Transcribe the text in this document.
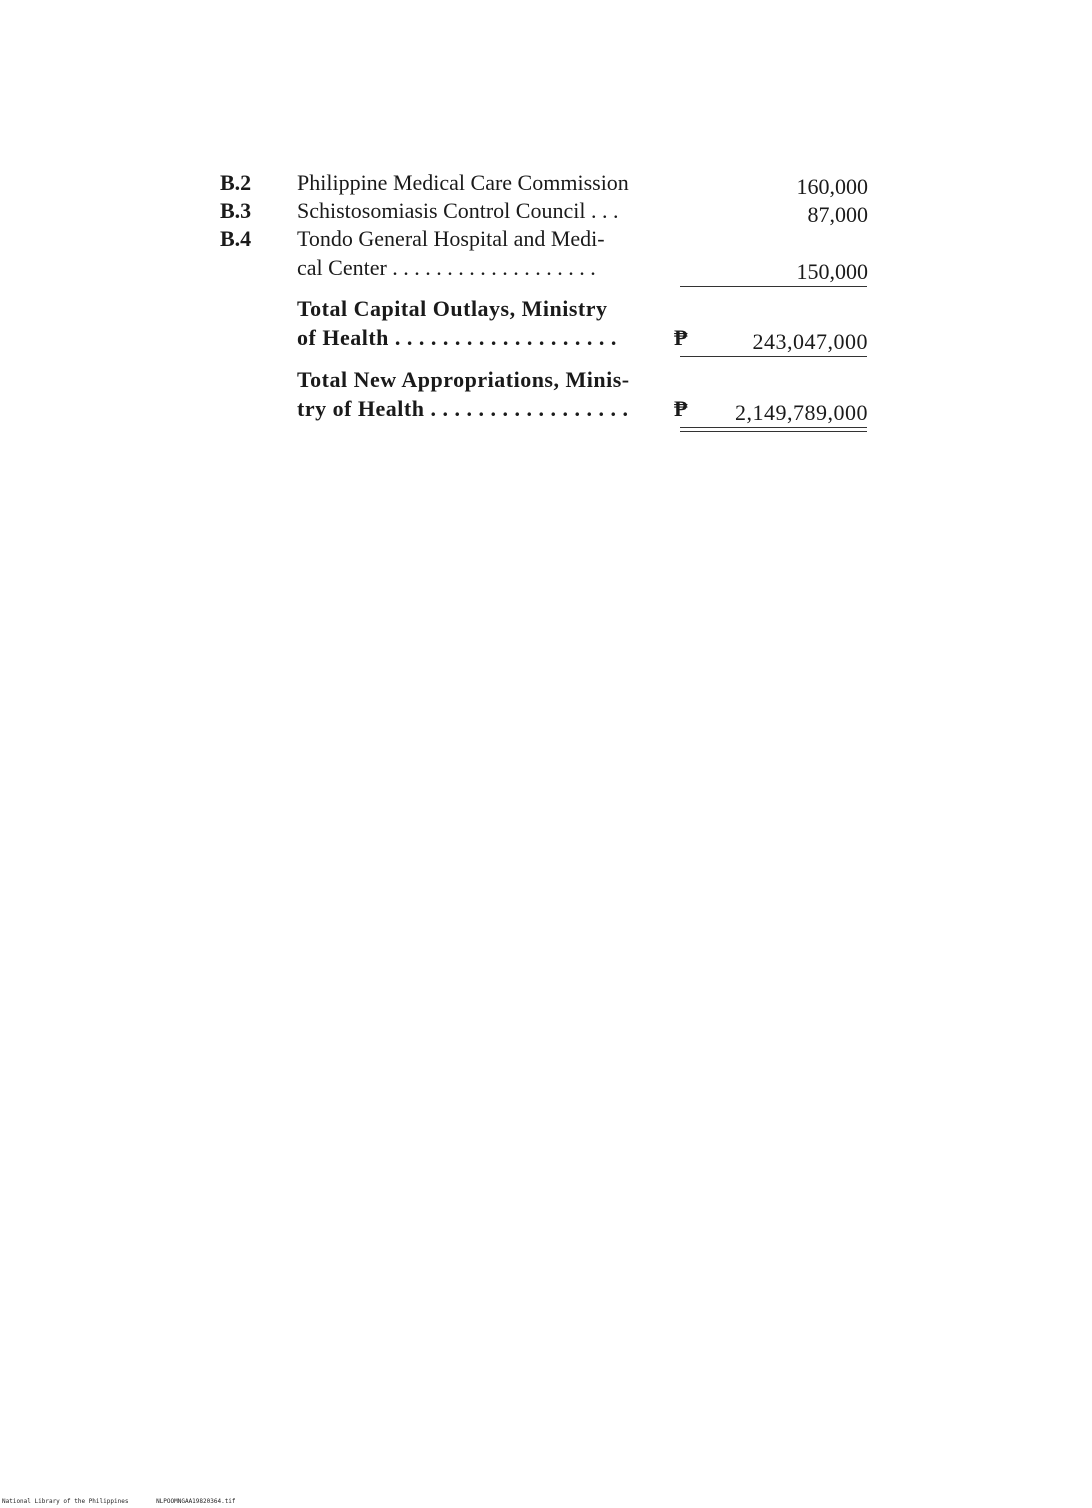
B.2 Philippine Medical Care Commission	160,000
B.3 Schistosomiasis Control Council . . .	87,000
B.4 Tondo General Hospital and Medi-
cal Center . . . . . . . . . . . . . . . . . . .	150,000
Total Capital Outlays, Ministry
of Health . . . . . . . . . . . . . . . . . . .	₱	243,047,000
Total New Appropriations, Minis-
try of Health . . . . . . . . . . . . . . . . . ₱ 2,149,789,000
National Library of the Philippines	NLPOOMNGAA19820364.tif
